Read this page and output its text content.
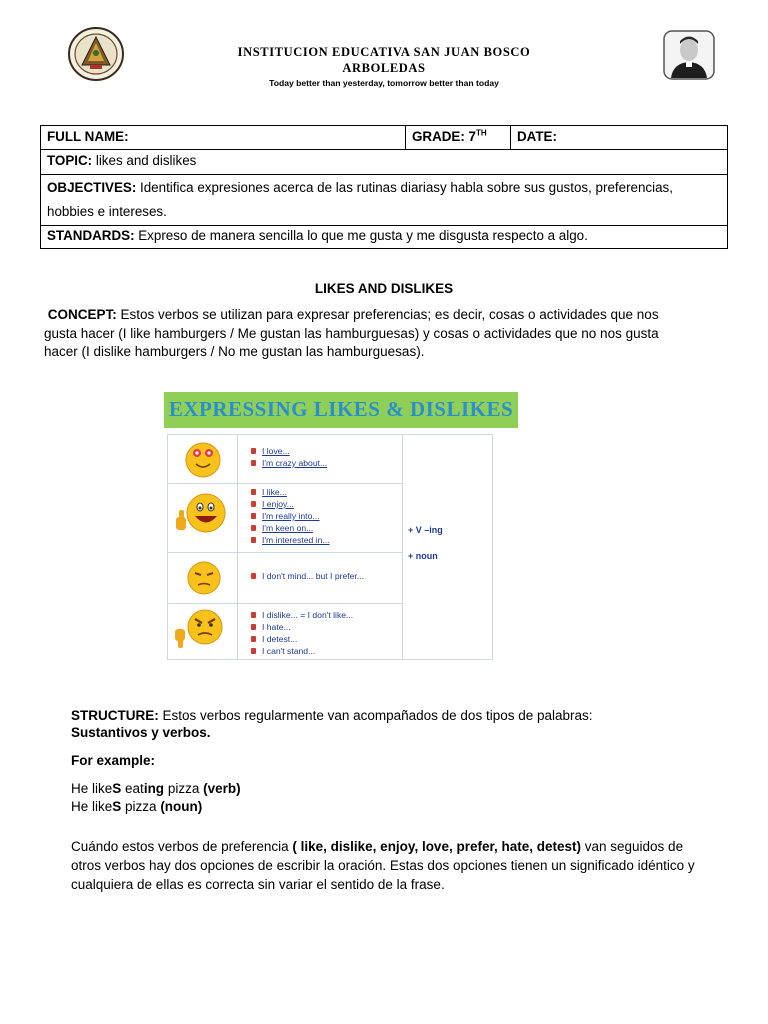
INSTITUCION EDUCATIVA SAN JUAN BOSCO
ARBOLEDAS
Today better than yesterday, tomorrow better than today
FULL NAME:	GRADE: 7TH	DATE:
TOPIC: likes and dislikes
OBJECTIVES: Identifica expresiones acerca de las rutinas diariasy habla sobre sus gustos, preferencias, hobbies e intereses.
STANDARDS: Expreso de manera sencilla lo que me gusta y me disgusta respecto a algo.
LIKES AND DISLIKES
CONCEPT: Estos verbos se utilizan para expresar preferencias; es decir, cosas o actividades que nos gusta hacer (I like hamburgers / Me gustan las hamburguesas) y cosas o actividades que no nos gusta hacer (I dislike hamburgers / No me gustan las hamburguesas).
EXPRESSING LIKES & DISLIKES
I love...
I'm crazy about...
I like...
I enjoy...
I'm really into...
I'm keen on...
I'm interested in...
I don't mind... but I prefer...
I dislike... = I don't like...
I hate...
I detest...
I can't stand...
+ V –ing
+ noun
STRUCTURE: Estos verbos regularmente van acompañados de dos tipos de palabras:
Sustantivos y verbos.
For example:
He likeS eating pizza (verb)
He likeS pizza (noun)
Cuándo estos verbos de preferencia ( like, dislike, enjoy, love, prefer, hate, detest) van seguidos de otros verbos hay dos opciones de escribir la oración. Estas dos opciones tienen un significado idéntico y cualquiera de ellas es correcta sin variar el sentido de la frase.
